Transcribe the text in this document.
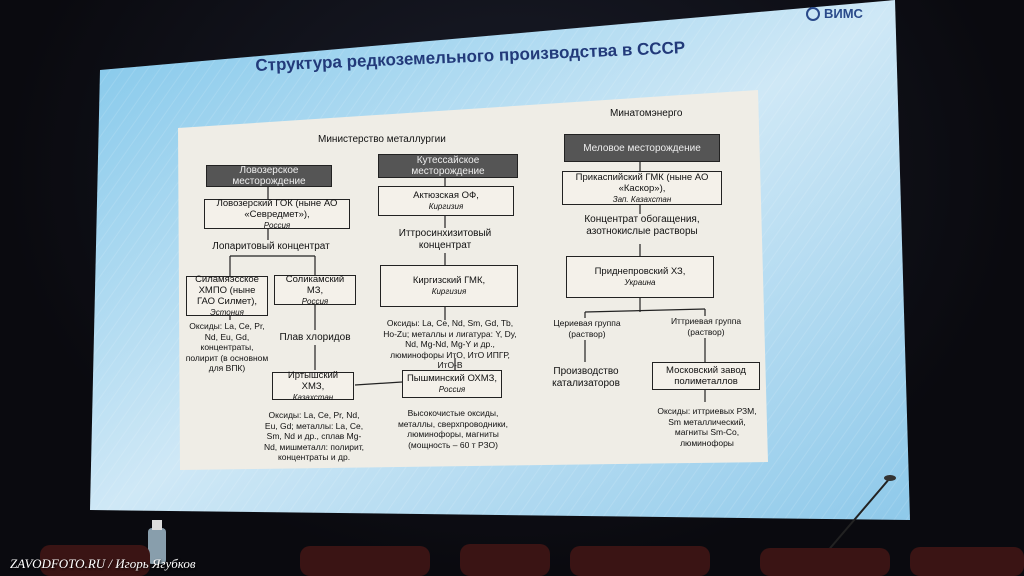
ВИМС
Структура редкоземельного производства в СССР
Министерство металлургии
Минатомэнерго
Ловозерское месторождение
Ловозерский ГОК (ныне АО «Севредмет»),
Россия
Лопаритовый концентрат
Силамяэсское ХМПО (ныне ГАО Силмет),
Эстония
Соликамский МЗ,
Россия
Оксиды: La, Ce, Pr, Nd, Eu, Gd, концентраты, полирит (в основном для ВПК)
Плав хлоридов
Иртышский ХМЗ,
Казахстан
Оксиды: La, Ce, Pr, Nd, Eu, Gd; металлы: La, Ce, Sm, Nd и др., сплав Mg-Nd, мишметалл: полирит, концентраты и др.
Кутессайское месторождение
Актюзская ОФ,
Киргизия
Иттросинхизитовый концентрат
Киргизский ГМК,
Киргизия
Оксиды: La, Ce, Nd, Sm, Gd, Tb, Ho-Zu; металлы и лигатура: Y, Dy, Nd, Mg-Nd, Mg-Y и др., люминофоры ИтО, ИтО ИПГР, ИтО-В
Пышминский ОХМЗ,
Россия
Высокочистые оксиды, металлы, сверхпроводники, люминофоры, магниты (мощность – 60 т РЗО)
Меловое месторождение
Прикаспийский ГМК (ныне АО «Каскор»),
Зап. Казахстан
Концентрат обогащения, азотнокислые растворы
Приднепровский ХЗ,
Украина
Цериевая группа (раствор)
Иттриевая группа (раствор)
Производство катализаторов
Московский завод полиметаллов
Оксиды: иттриевых РЗМ, Sm металлический, магниты Sm-Co, люминофоры
ZAVODFOTO.RU / Игорь Ягубков
